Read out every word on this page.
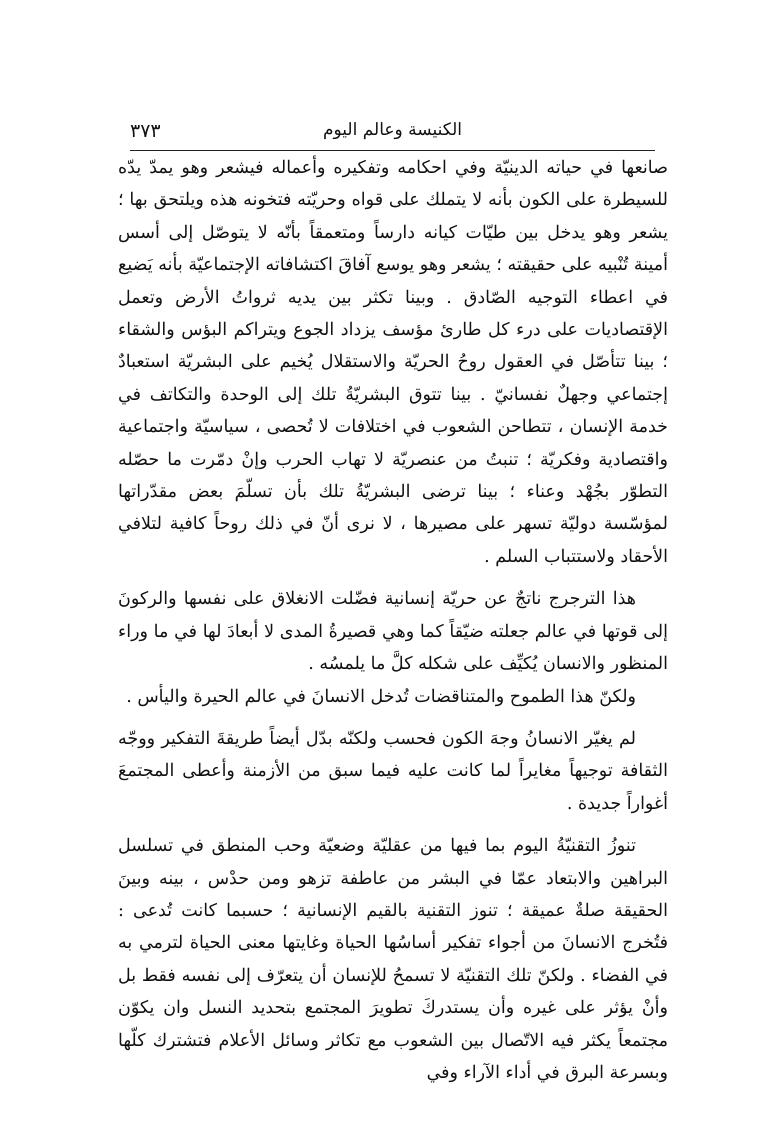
٣٧٣	الكنيسة وعالم اليوم

صانعها في حياته الدينيّة وفي احكامه وتفكيره وأعماله فيشعر وهو يمدّ يدّه للسيطرة على الكون بأنه لا يتملك على قواه وحريّته فتخونه هذه ويلتحق بها ؛ يشعر وهو يدخل بين طيّات كيانه دارساً ومتعمقاً بأنّه لا يتوصّل إلى أسس أمينة تُنْبيه على حقيقته ؛ يشعر وهو يوسع آفاقَ اكتشافاته الإجتماعيّة بأنه يَضيع في اعطاء التوجيه الصّادق . وبينا تكثر بين يديه ثرواتُ الأرض وتعمل الإقتصاديات على درء كل طارئ مؤسف يزداد الجوع ويتراكم البؤس والشقاء ؛ بينا تتأصّل في العقول روحُ الحريّة والاستقلال يُخيم على البشريّة استعبادٌ إجتماعي وجهلٌ نفسانيّ . بينا تتوق البشريّةُ تلك إلى الوحدة والتكاتف في خدمة الإنسان ، تتطاحن الشعوب في اختلافات لا تُحصى ، سياسيّة واجتماعية واقتصادية وفكريّة ؛ تنبتُ من عنصريّة لا تهاب الحرب وإنْ دمّرت ما حصّله التطوّر بجُهْد وعناء ؛ بينا ترضى البشريّةُ تلك بأن تسلّمَ بعض مقدّراتها لمؤسّسة دوليّة تسهر على مصيرها ، لا نرى أنّ في ذلك روحاً كافية لتلافي الأحقاد ولاستتباب السلم .

هذا الترجرج ناتجٌ عن حريّة إنسانية فضّلت الانغلاق على نفسها والركونَ إلى قوتها في عالم جعلته ضيّقاً كما وهي قصيرةُ المدى لا أبعادَ لها في ما وراء المنظور والانسان يُكيِّف على شكله كلَّ ما يلمسُه .

ولكنّ هذا الطموح والمتناقضات تُدخل الانسانَ في عالم الحيرة واليأس .

لم يغيّر الانسانُ وجهَ الكون فحسب ولكنّه بدّل أيضاً طريقةَ التفكير ووجّه الثقافة توجيهاً مغايراً لما كانت عليه فيما سبق من الأزمنة وأعطى المجتمعَ أغواراً جديدة .

تنوزُ التقنيّةُ اليوم بما فيها من عقليّة وضعيّة وحب المنطق في تسلسل البراهين والابتعاد عمّا في البشر من عاطفة تزهو ومن حدْس ، بينه وبينَ الحقيقة صلةٌ عميقة ؛ تنوز التقنية بالقيم الإنسانية ؛ حسبما كانت تُدعى : فتُخرج الانسانَ من أجواء تفكير أساسُها الحياة وغايتها معنى الحياة لترمي به في الفضاء . ولكنّ تلك التقنيّة لا تسمحُ للإنسان أن يتعرّف إلى نفسه فقط بل وأنْ يؤثر على غيره وأن يستدركَ تطويرَ المجتمع بتحديد النسل وان يكوّن مجتمعاً يكثر فيه الاتّصال بين الشعوب مع تكاثر وسائل الأعلام فتشترك كلّها وبسرعة البرق في أداء الآراء وفي
